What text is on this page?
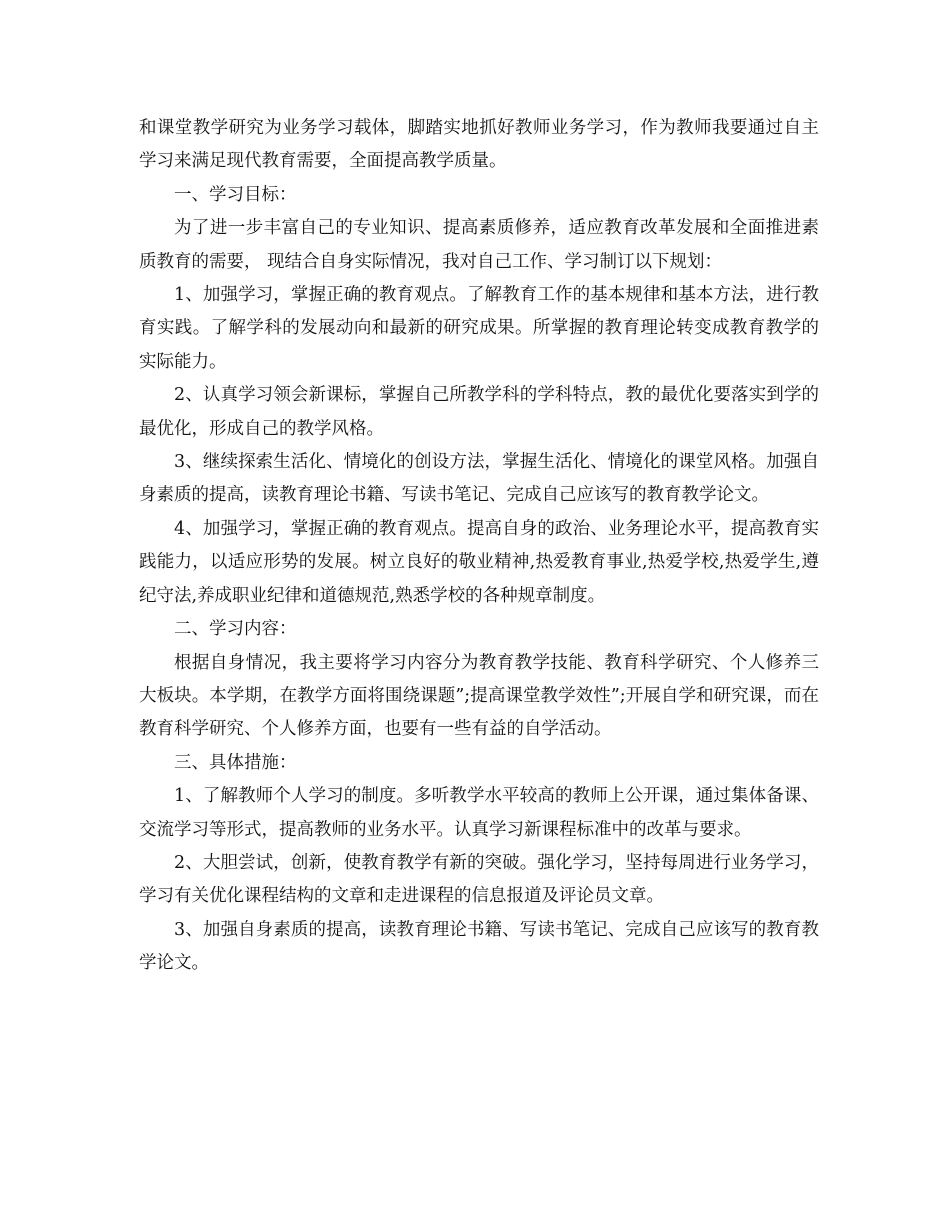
和课堂教学研究为业务学习载体，脚踏实地抓好教师业务学习，作为教师我要通过自主学习来满足现代教育需要，全面提高教学质量。

一、学习目标：

为了进一步丰富自己的专业知识、提高素质修养，适应教育改革发展和全面推进素质教育的需要， 现结合自身实际情况，我对自己工作、学习制订以下规划：

1、加强学习，掌握正确的教育观点。了解教育工作的基本规律和基本方法，进行教育实践。了解学科的发展动向和最新的研究成果。所掌握的教育理论转变成教育教学的实际能力。

2、认真学习领会新课标，掌握自己所教学科的学科特点，教的最优化要落实到学的最优化，形成自己的教学风格。

3、继续探索生活化、情境化的创设方法，掌握生活化、情境化的课堂风格。加强自身素质的提高，读教育理论书籍、写读书笔记、完成自己应该写的教育教学论文。

4、加强学习，掌握正确的教育观点。提高自身的政治、业务理论水平，提高教育实践能力，以适应形势的发展。树立良好的敬业精神,热爱教育事业,热爱学校,热爱学生,遵纪守法,养成职业纪律和道德规范,熟悉学校的各种规章制度。

二、学习内容：

根据自身情况，我主要将学习内容分为教育教学技能、教育科学研究、个人修养三大板块。本学期，在教学方面将围绕课题”;提高课堂教学效性”;开展自学和研究课，而在教育科学研究、个人修养方面，也要有一些有益的自学活动。

三、具体措施：

1、了解教师个人学习的制度。多听教学水平较高的教师上公开课，通过集体备课、交流学习等形式，提高教师的业务水平。认真学习新课程标准中的改革与要求。

2、大胆尝试，创新，使教育教学有新的突破。强化学习，坚持每周进行业务学习，学习有关优化课程结构的文章和走进课程的信息报道及评论员文章。

3、加强自身素质的提高，读教育理论书籍、写读书笔记、完成自己应该写的教育教学论文。
